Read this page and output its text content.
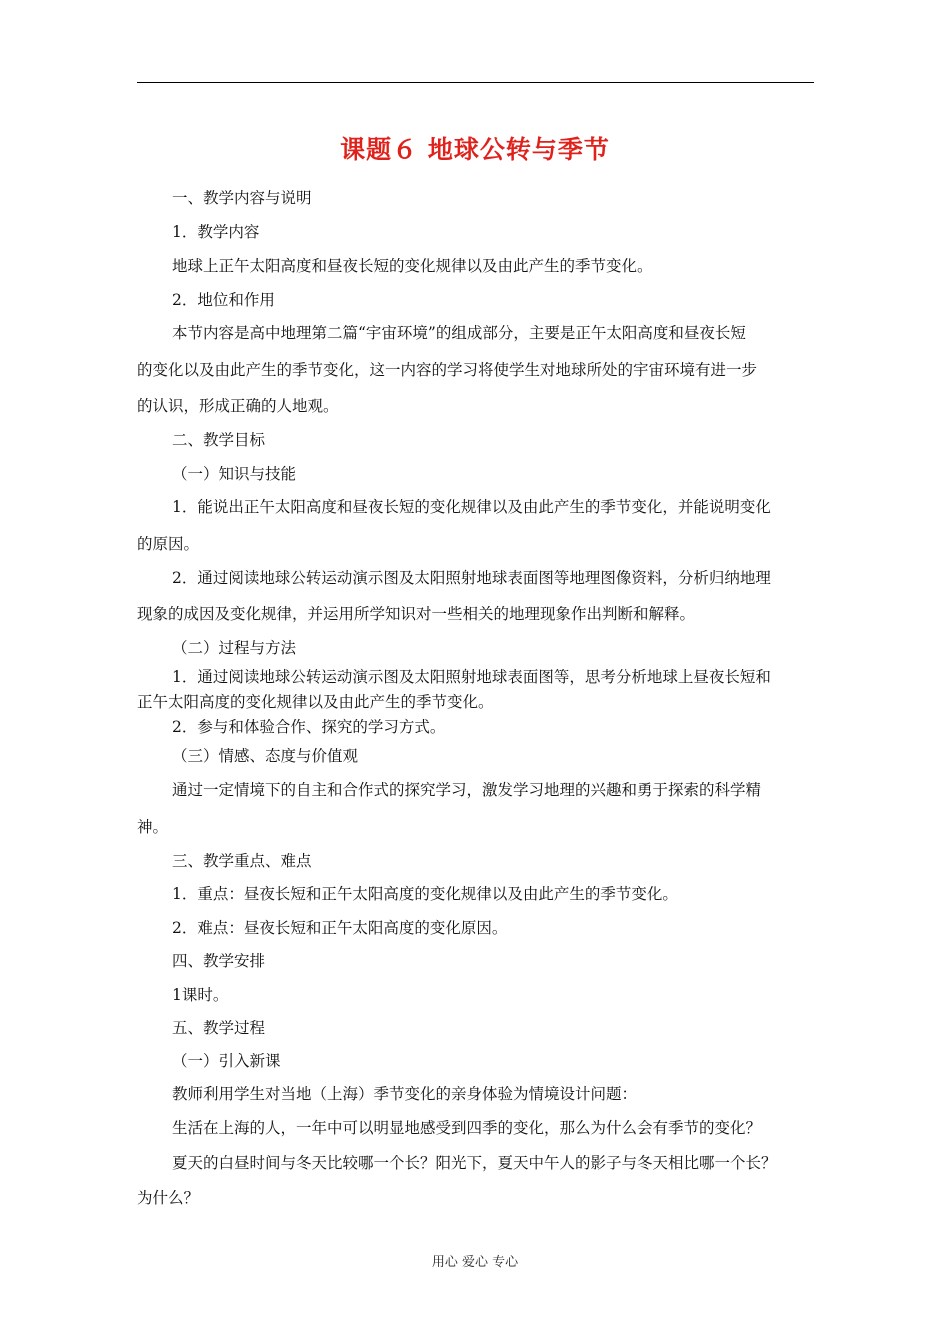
课题６ 地球公转与季节
一、教学内容与说明
1．教学内容
地球上正午太阳高度和昼夜长短的变化规律以及由此产生的季节变化。
2．地位和作用
本节内容是高中地理第二篇“宇宙环境”的组成部分，主要是正午太阳高度和昼夜长短
的变化以及由此产生的季节变化，这一内容的学习将使学生对地球所处的宇宙环境有进一步
的认识，形成正确的人地观。
二、教学目标
（一）知识与技能
1．能说出正午太阳高度和昼夜长短的变化规律以及由此产生的季节变化，并能说明变化
的原因。
2．通过阅读地球公转运动演示图及太阳照射地球表面图等地理图像资料，分析归纳地理
现象的成因及变化规律，并运用所学知识对一些相关的地理现象作出判断和解释。
（二）过程与方法
1．通过阅读地球公转运动演示图及太阳照射地球表面图等，思考分析地球上昼夜长短和
正午太阳高度的变化规律以及由此产生的季节变化。
2．参与和体验合作、探究的学习方式。
（三）情感、态度与价值观
通过一定情境下的自主和合作式的探究学习，激发学习地理的兴趣和勇于探索的科学精
神。
三、教学重点、难点
1．重点：昼夜长短和正午太阳高度的变化规律以及由此产生的季节变化。
2．难点：昼夜长短和正午太阳高度的变化原因。
四、教学安排
1课时。
五、教学过程
（一）引入新课
教师利用学生对当地（上海）季节变化的亲身体验为情境设计问题：
生活在上海的人，一年中可以明显地感受到四季的变化，那么为什么会有季节的变化？
夏天的白昼时间与冬天比较哪一个长？阳光下，夏天中午人的影子与冬天相比哪一个长？
为什么？
用心 爱心 专心
